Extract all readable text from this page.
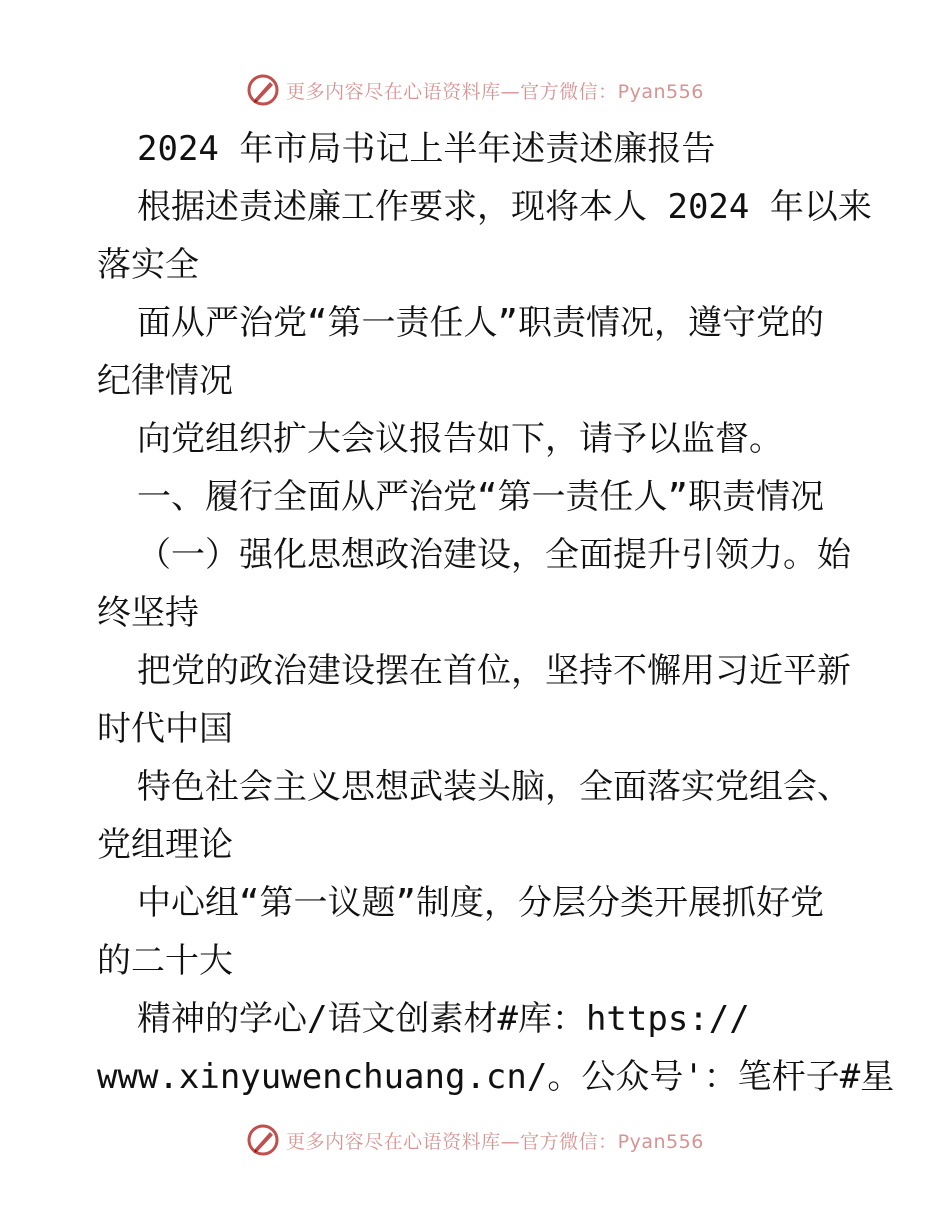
更多内容尽在心语资料库—官方微信：Pyan556
2024 年市局书记上半年述责述廉报告
根据述责述廉工作要求，现将本人 2024 年以来
落实全
面从严治党“第一责任人”职责情况，遵守党的
纪律情况
向党组织扩大会议报告如下，请予以监督。
一、履行全面从严治党“第一责任人”职责情况
（一）强化思想政治建设，全面提升引领力。始
终坚持
把党的政治建设摆在首位，坚持不懈用习近平新
时代中国
特色社会主义思想武装头脑，全面落实党组会、
党组理论
中心组“第一议题”制度，分层分类开展抓好党
的二十大
精神的学心/语文创素材#库：https://
www.xinyuwenchuang.cn/。公众号'：笔杆子#星
更多内容尽在心语资料库—官方微信：Pyan556
